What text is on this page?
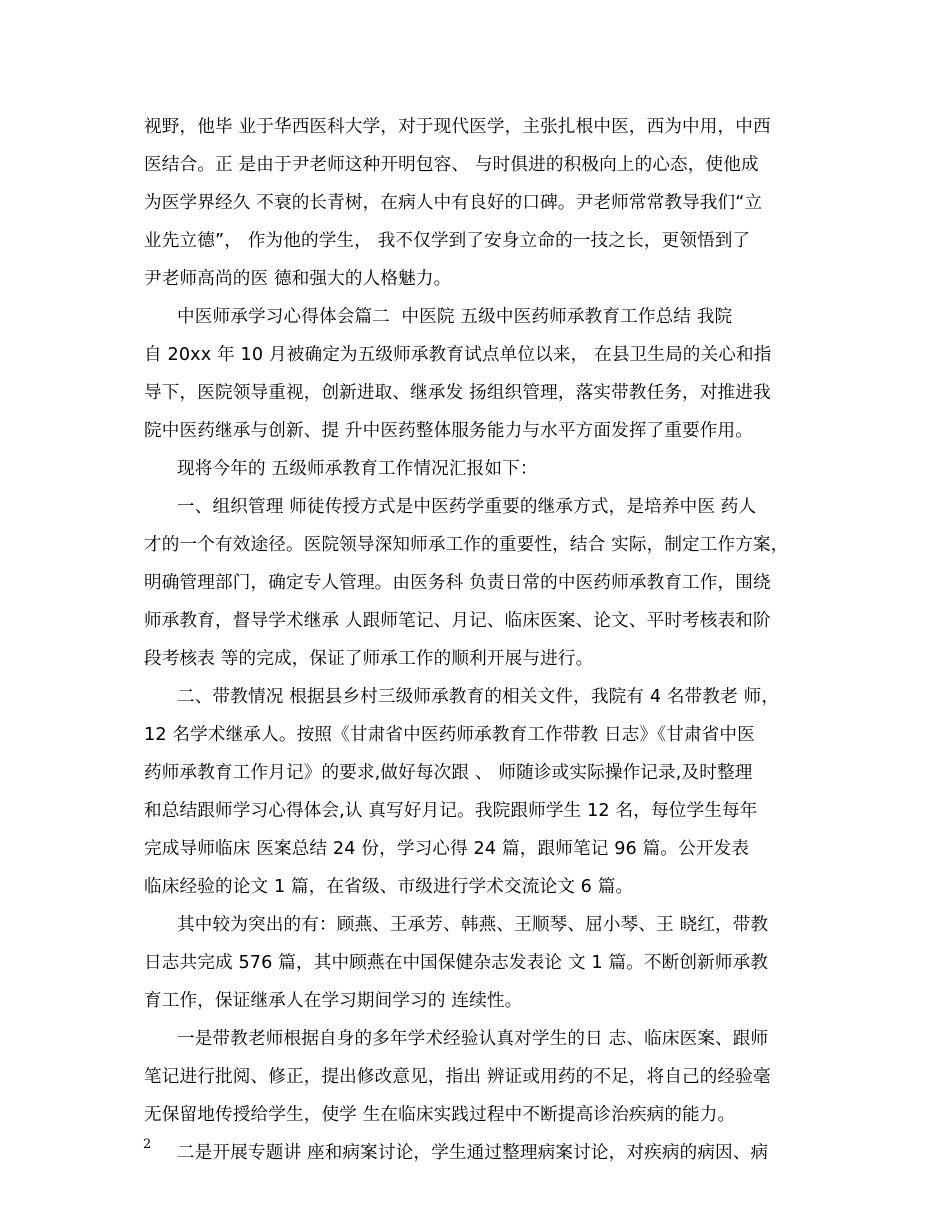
视野，他毕 业于华西医科大学，对于现代医学，主张扎根中医，西为中用，中西
医结合。正 是由于尹老师这种开明包容、 与时俱进的积极向上的心态，使他成
为医学界经久 不衰的长青树，在病人中有良好的口碑。尹老师常常教导我们“立
业先立德”， 作为他的学生， 我不仅学到了安身立命的一技之长，更领悟到了
尹老师高尚的医 德和强大的人格魅力。
中医师承学习心得体会篇二  中医院 五级中医药师承教育工作总结 我院
自 20xx 年 10 月被确定为五级师承教育试点单位以来， 在县卫生局的关心和指
导下，医院领导重视，创新进取、继承发 扬组织管理，落实带教任务，对推进我
院中医药继承与创新、提 升中医药整体服务能力与水平方面发挥了重要作用。
现将今年的 五级师承教育工作情况汇报如下：
一、组织管理 师徒传授方式是中医药学重要的继承方式，是培养中医 药人
才的一个有效途径。医院领导深知师承工作的重要性，结合 实际，制定工作方案，
明确管理部门，确定专人管理。由医务科 负责日常的中医药师承教育工作，围绕
师承教育，督导学术继承 人跟师笔记、月记、临床医案、论文、平时考核表和阶
段考核表 等的完成，保证了师承工作的顺利开展与进行。
二、带教情况 根据县乡村三级师承教育的相关文件，我院有 4 名带教老 师，
12 名学术继承人。按照《甘肃省中医药师承教育工作带教 日志》《甘肃省中医
药师承教育工作月记》的要求,做好每次跟 、 师随诊或实际操作记录,及时整理
和总结跟师学习心得体会,认 真写好月记。我院跟师学生 12 名，每位学生每年
完成导师临床 医案总结 24 份，学习心得 24 篇，跟师笔记 96 篇。公开发表
临床经验的论文 1 篇，在省级、市级进行学术交流论文 6 篇。
其中较为突出的有：顾燕、王承芳、韩燕、王顺琴、屈小琴、王 晓红，带教
日志共完成 576 篇，其中顾燕在中国保健杂志发表论 文 1 篇。不断创新师承教
育工作，保证继承人在学习期间学习的 连续性。
一是带教老师根据自身的多年学术经验认真对学生的日 志、临床医案、跟师
笔记进行批阅、修正，提出修改意见，指出 辨证或用药的不足，将自己的经验毫
无保留地传授给学生，使学 生在临床实践过程中不断提高诊治疾病的能力。
二是开展专题讲 座和病案讨论，学生通过整理病案讨论，对疾病的病因、病
2
